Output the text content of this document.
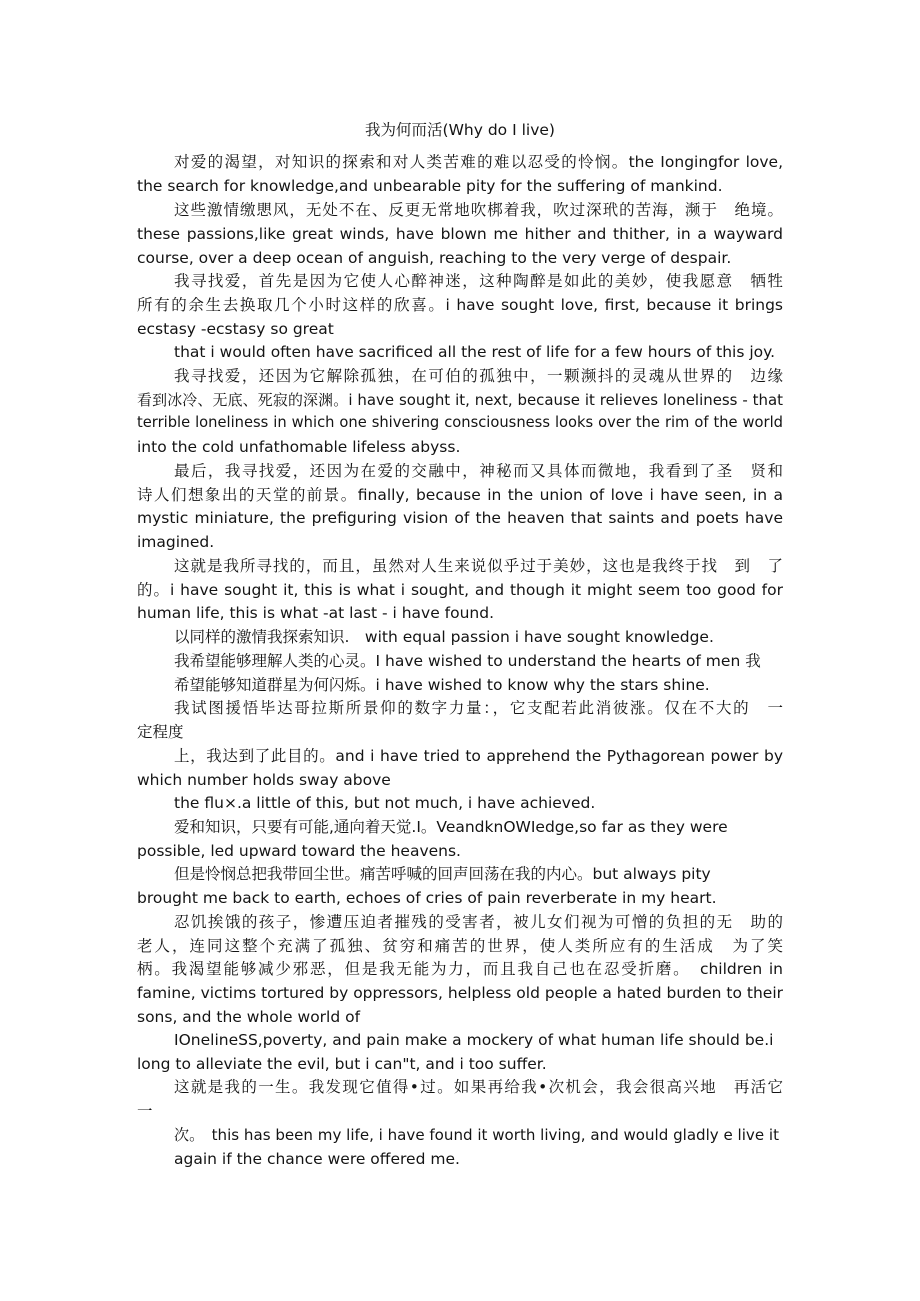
我为何而活(Why do I live)
对爱的渴望，对知识的探索和对人类苦难的难以忍受的怜悯。the Iongingfor love,
the search for knowledge,and unbearable pity for the suffering of mankind.
这些激情缴愳风，无处不在、反更无常地吹梆着我，吹过深玳的苦海，濒于　绝境。
these passions,like great winds, have blown me hither and thither, in a wayward
course, over a deep ocean of anguish, reaching to the very verge of despair.
我寻找爱，首先是因为它使人心醉神迷，这种陶醉是如此的美妙，使我愿意　牺牲
所有的余生去换取几个小时这样的欣喜。i have sought love, first, because it brings
ecstasy -ecstasy so great
that i would often have sacrificed all the rest of life for a few hours of this joy.
我寻找爱，还因为它解除孤独，在可伯的孤独中，一颗濒抖的灵魂从世界的　边缘
看到冰冷、无底、死寂的深渊。i have sought it, next, because it relieves loneliness - that
terrible loneliness in which one shivering consciousness looks over the rim of the world
into the cold unfathomable lifeless abyss.
最后，我寻找爱，还因为在爱的交融中，神秘而又具体而微地，我看到了圣　贤和
诗人们想象出的天堂的前景。finally, because in the union of love i have seen, in a
mystic miniature, the prefiguring vision of the heaven that saints and poets have
imagined.
这就是我所寻找的，而且，虽然对人生来说似乎过于美妙，这也是我终于找　到　了
的。i have sought it, this is what i sought, and though it might seem too good for
human life, this is what -at last - i have found.
以同样的激情我探索知识.　with equal passion i have sought knowledge.
我希望能够理解人类的心灵。I have wished to understand the hearts of men 我
希望能够知道群星为何闪烁。i have wished to know why the stars shine.
我试图援悟毕达哥拉斯所景仰的数字力量：，它支配若此消彼涨。仅在不大的　一
定程度
上，我达到了此目的。and i have tried to apprehend the Pythagorean power by
which number holds sway above
the flu×.a little of this, but not much, i have achieved.
爱和知识，只要有可能,通向着天觉.I。VeandknOWIedge,so far as they were
possible, led upward toward the heavens.
但是怜悯总把我带回尘世。痛苦呼喊的回声回荡在我的内心。but always pity
brought me back to earth, echoes of cries of pain reverberate in my heart.
忍饥挨饿的孩子，惨遭压迫者摧残的受害者，被儿女们视为可憎的负担的无　助的
老人，连同这整个充满了孤独、贫穷和痛苦的世界，使人类所应有的生活成　为了笑
柄。我渴望能够减少邪恶，但是我无能为力，而且我自己也在忍受折磨。　children in
famine, victims tortured by oppressors, helpless old people a hated burden to their
sons, and the whole world of
IOnelineSS,poverty, and pain make a mockery of what human life should be.i
long to alleviate the evil, but i can"t, and i too suffer.
这就是我的一生。我发现它值得•过。如果再给我•次机会，我会很高兴地　再活它
一
次。　this has been my life, i have found it worth living, and would gladly e live it
again if the chance were offered me.
